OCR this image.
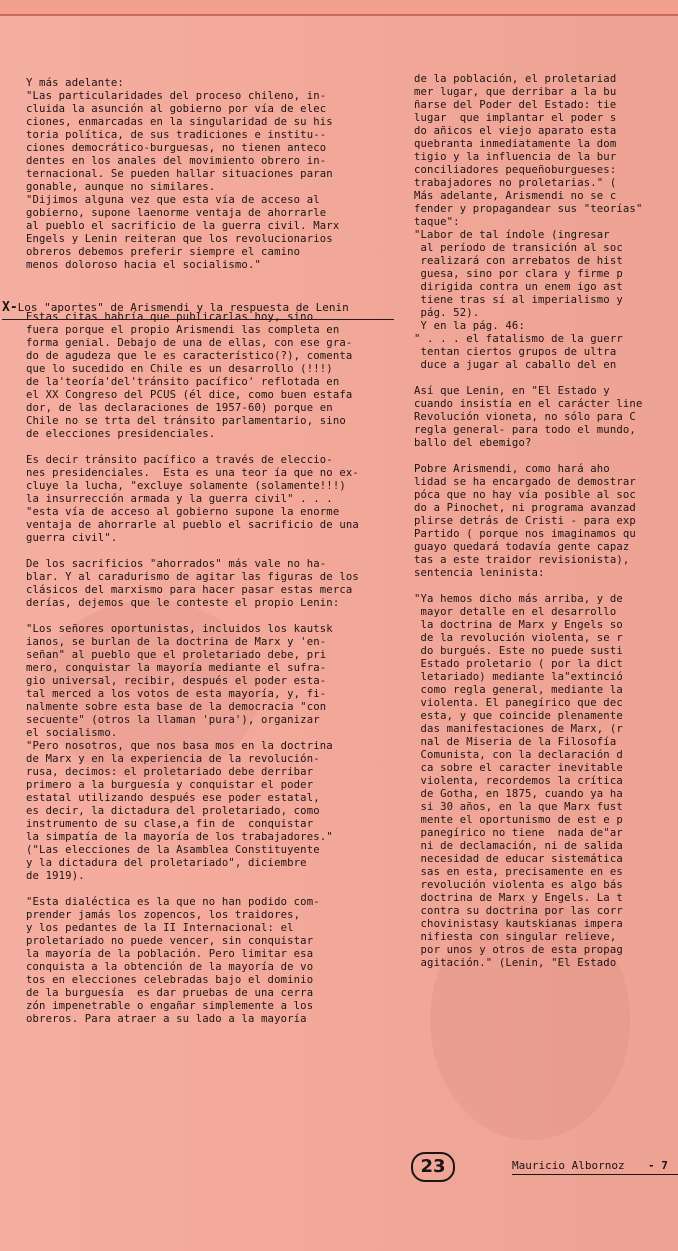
Y más adelante:
"Las particularidades del proceso chileno, in-
cluida la asunción al gobierno por vía de elec
ciones, enmarcadas en la singularidad de su his
toria política, de sus tradiciones e institu--
ciones democrático-burguesas, no tienen anteco
dentes en los anales del movimiento obrero in-
ternacional. Se pueden hallar situaciones paran
gonable, aunque no similares.
"Dijimos alguna vez que esta vía de acceso al
gobierno, supone laenorme ventaja de ahorrarle
al pueblo el sacrificio de la guerra civil. Marx
Engels y Lenin reiteran que los revolucionarios
obreros debemos preferir siempre el camino
menos doloroso hacia el socialismo."
Estas citas habría que publicarlas hoy, sino
fuera porque el propio Arismendi las completa en
forma genial. Debajo de una de ellas, con ese gra-
do de agudeza que le es característico(?), comenta
que lo sucedido en Chile es un desarrollo (!!!)
de la'teoría'del'tránsito pacífico' reflotada en
el XX Congreso del PCUS (él dice, como buen estafa
dor, de las declaraciones de 1957-60) porque en
Chile no se trta del tránsito parlamentario, sino
de elecciones presidenciales.
Es decir tránsito pacífico a través de eleccio-
nes presidenciales.  Esta es una teor ía que no ex-
cluye la lucha, "excluye solamente (solamente!!!)
la insurrección armada y la guerra civil" . . .
"esta vía de acceso al gobierno supone la enorme
ventaja de ahorrarle al pueblo el sacrificio de una
guerra civil".
De los sacrificios "ahorrados" más vale no ha-
blar. Y al caradurismo de agitar las figuras de los
clásicos del marxismo para hacer pasar estas merca
derías, dejemos que le conteste el propio Lenin:
"Los señores oportunistas, incluidos los kautsk
ianos, se burlan de la doctrina de Marx y 'en-
señan" al pueblo que el proletariado debe, pri
mero, conquistar la mayoría mediante el sufra-
gio universal, recibir, después el poder esta-
tal merced a los votos de esta mayoría, y, fi-
nalmente sobre esta base de la democracia "con
secuente" (otros la llaman 'pura'), organizar
el socialismo.
"Pero nosotros, que nos basa mos en la doctrina
de Marx y en la experiencia de la revolución-
rusa, decimos: el proletariado debe derribar
primero a la burguesía y conquistar el poder
estatal utilizando después ese poder estatal,
es decir, la dictadura del proletariado, como
instrumento de su clase,a fin de  conquistar
la simpatía de la mayoría de los trabajadores."
("Las elecciones de la Asamblea Constituyente
y la dictadura del proletariado", diciembre
de 1919).
"Esta dialéctica es la que no han podido com-
prender jamás los zopencos, los traidores,
y los pedantes de la II Internacional: el
proletariado no puede vencer, sin conquistar
la mayoría de la población. Pero limitar esa
conquista a la obtención de la mayoría de vo
tos en elecciones celebradas bajo el dominio
de la burguesía  es dar pruebas de una cerra
zón impenetrable o engañar simplemente a los
obreros. Para atraer a su lado a la mayoría
X-Los "aportes" de Arismendi y la respuesta de Lenin
de la población, el proletariad
mer lugar, que derribar a la bu
ñarse del Poder del Estado: tie
lugar  que implantar el poder s
do añicos el viejo aparato esta
quebranta inmediatamente la dom
tigio y la influencia de la bur
conciliadores pequeñoburgueses:
trabajadores no proletarias." (
Más adelante, Arismendi no se c
fender y propagandear sus "teorías"
taque":
"Labor de tal índole (ingresar
al período de transición al soc
realizará con arrebatos de hist
guesa, sino por clara y firme p
dirigida contra un enem igo ast
tiene tras sí al imperialismo y
pág. 52).
Y en la pág. 46:
" . . . el fatalismo de la guerr
tentan ciertos grupos de ultra
duce a jugar al caballo del en
Así que Lenin, en "El Estado y
cuando insistía en el carácter line
Revolución vioneta, no sólo para C
regla general- para todo el mundo,
ballo del ebemigo?
Pobre Arismendi, como hará aho
lidad se ha encargado de demostrar
póca que no hay vía posible al soc
do a Pinochet, ni programa avanzad
plirse detrás de Cristi - para exp
Partido ( porque nos imaginamos qu
guayo quedará todavía gente capaz
tas a este traidor revisionista),
sentencia leninista:
"Ya hemos dicho más arriba, y de
mayor detalle en el desarrollo
la doctrina de Marx y Engels so
de la revolución violenta, se r
do burgués. Este no puede susti
Estado proletario ( por la dict
letariado) mediante la"extinció
como regla general, mediante la
violenta. El panegírico que dec
esta, y que coincide plenamente
das manifestaciones de Marx, (r
nal de Miseria de la Filosofía
Comunista, con la declaración d
ca sobre el caracter inevitable
violenta, recordemos la crítica
de Gotha, en 1875, cuando ya ha
si 30 años, en la que Marx fust
mente el oportunismo de est e p
panegírico no tiene  nada de"ar
ni de declamación, ni de salida
necesidad de educar sistemática
sas en esta, precisamente en es
revolución violenta es algo bás
doctrina de Marx y Engels. La t
contra su doctrina por las corr
chovinistasy kautskianas impera
nifiesta con singular relieve,
por unos y otros de esta propag
agitación." (Lenin, "El Estado
23	Mauricio Albornoz	- 7
